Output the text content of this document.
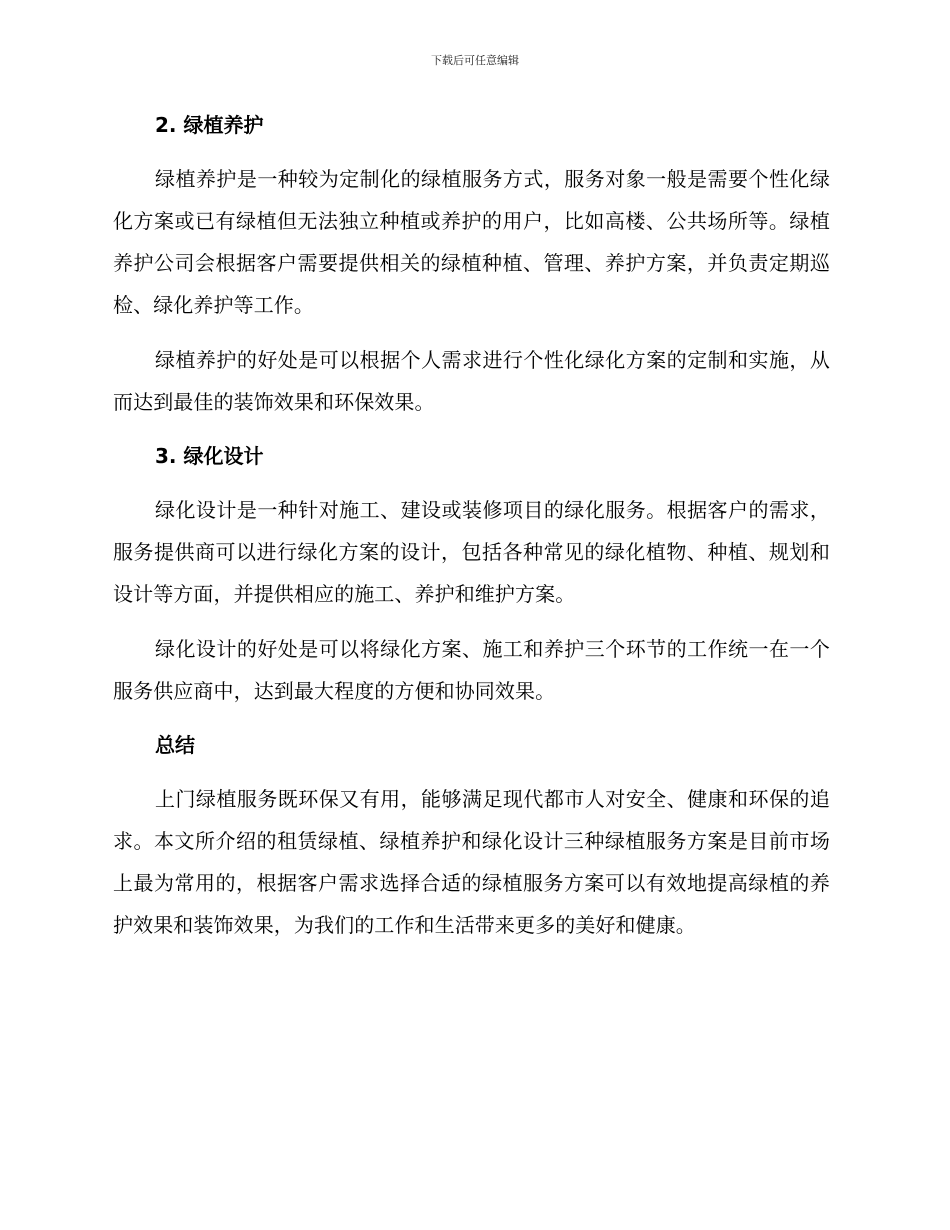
下载后可任意编辑
2. 绿植养护

绿植养护是一种较为定制化的绿植服务方式，服务对象一般是需要个性化绿化方案或已有绿植但无法独立种植或养护的用户，比如高楼、公共场所等。绿植养护公司会根据客户需要提供相关的绿植种植、管理、养护方案，并负责定期巡检、绿化养护等工作。

绿植养护的好处是可以根据个人需求进行个性化绿化方案的定制和实施，从而达到最佳的装饰效果和环保效果。

3. 绿化设计

绿化设计是一种针对施工、建设或装修项目的绿化服务。根据客户的需求，服务提供商可以进行绿化方案的设计，包括各种常见的绿化植物、种植、规划和设计等方面，并提供相应的施工、养护和维护方案。

绿化设计的好处是可以将绿化方案、施工和养护三个环节的工作统一在一个服务供应商中，达到最大程度的方便和协同效果。

总结

上门绿植服务既环保又有用，能够满足现代都市人对安全、健康和环保的追求。本文所介绍的租赁绿植、绿植养护和绿化设计三种绿植服务方案是目前市场上最为常用的，根据客户需求选择合适的绿植服务方案可以有效地提高绿植的养护效果和装饰效果，为我们的工作和生活带来更多的美好和健康。
